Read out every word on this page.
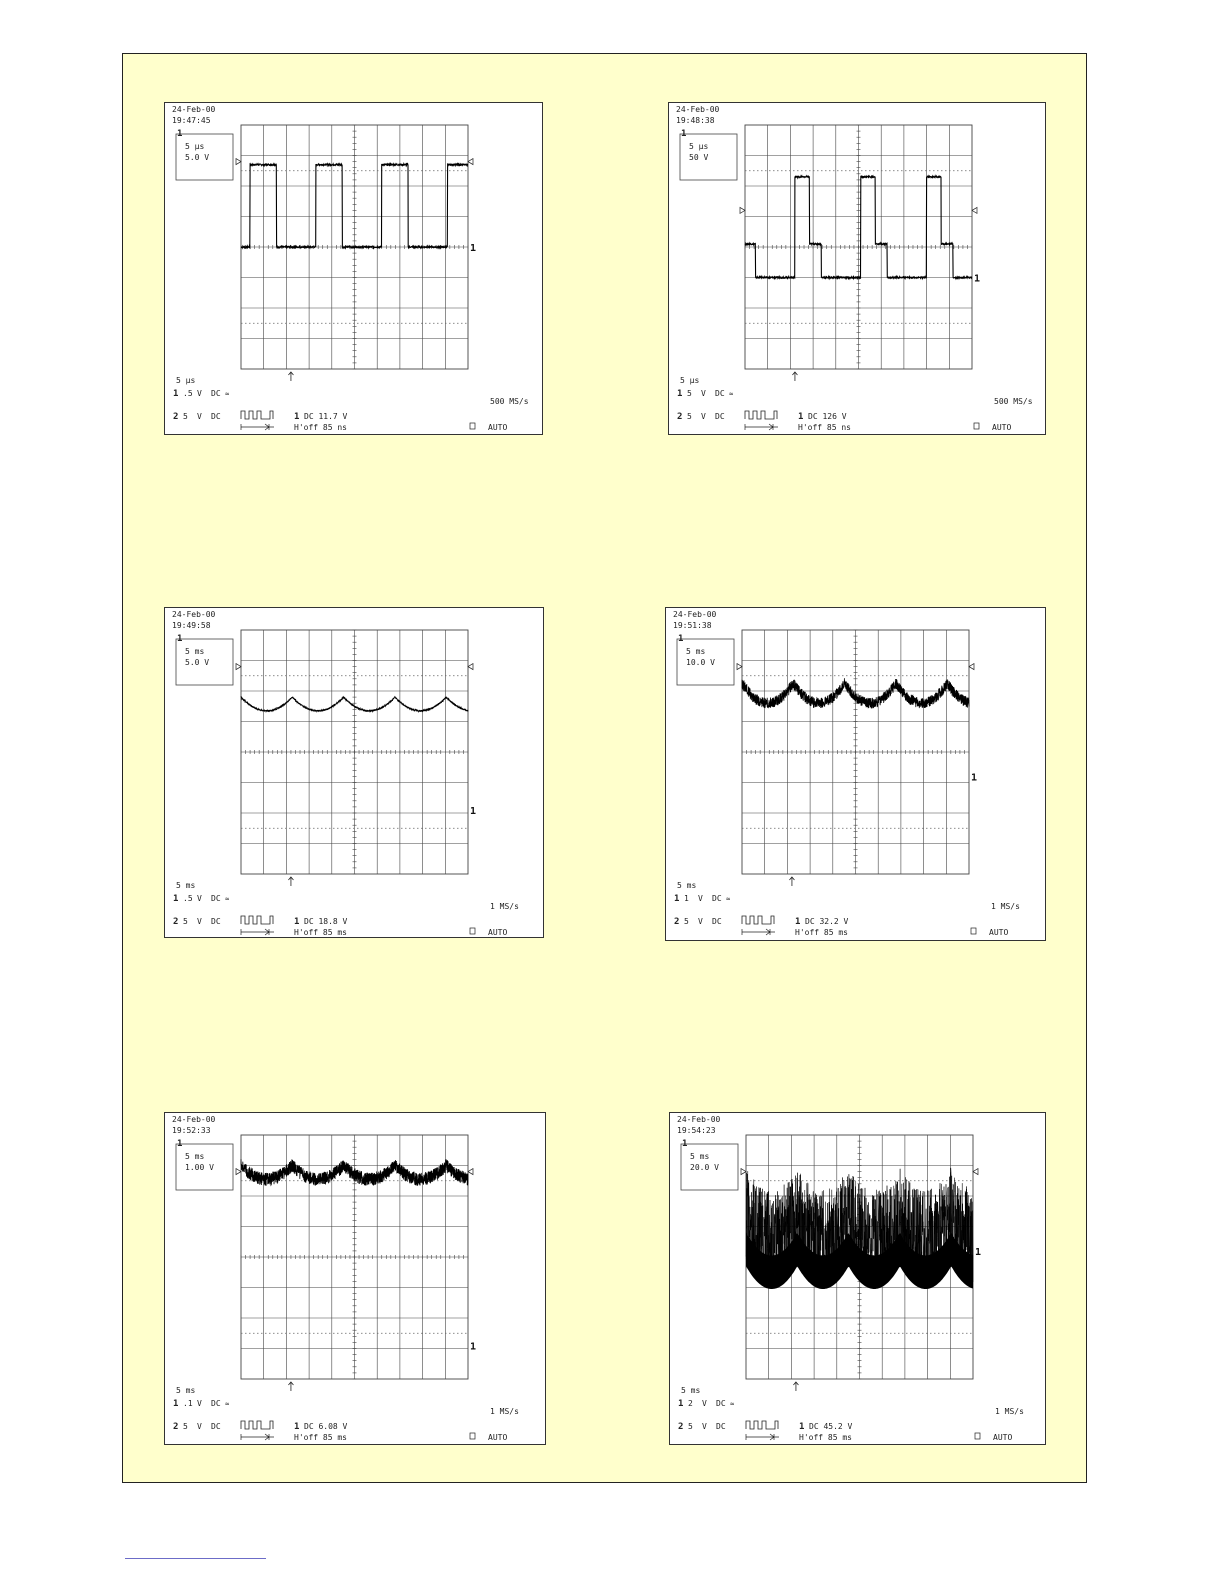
24-Feb-00
19:47:45
1
5 µs
5.0 V
1
5 µs
1 .5 V DC ≈
500 MS/s
2 5 V DC	1 DC 11.7 V
H'off 85 ns	AUTO
24-Feb-00
19:48:38
1
5 µs
50 V
1
5 µs
1 5 V DC ≈
500 MS/s
2 5 V DC	1 DC 126 V
H'off 85 ns	AUTO
24-Feb-00
19:49:58
1
5 ms
5.0 V
1
5 ms
1 .5 V DC ≈
1 MS/s
2 5 V DC	1 DC 18.8 V
H'off 85 ms	AUTO
24-Feb-00
19:51:38
1
5 ms
10.0 V
1
5 ms
1 1 V DC ≈
1 MS/s
2 5 V DC	1 DC 32.2 V
H'off 85 ms	AUTO
24-Feb-00
19:52:33
1
5 ms
1.00 V
1
5 ms
1 .1 V DC ≈
1 MS/s
2 5 V DC	1 DC 6.08 V
H'off 85 ms	AUTO
24-Feb-00
19:54:23
1
5 ms
20.0 V
1
5 ms
1 2 V DC ≈
1 MS/s
2 5 V DC	1 DC 45.2 V
H'off 85 ms	AUTO
